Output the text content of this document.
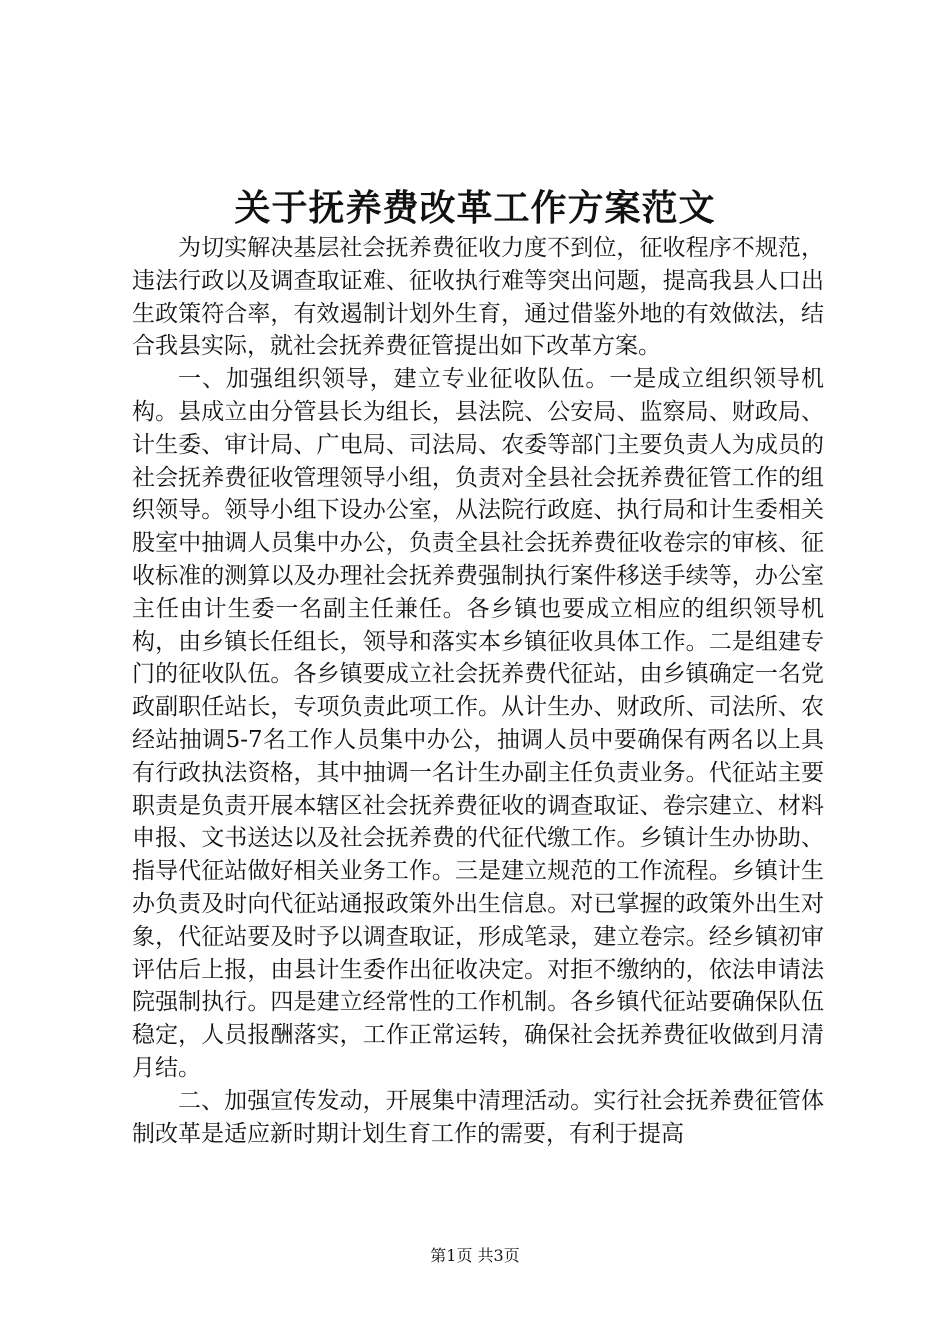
关于抚养费改革工作方案范文

为切实解决基层社会抚养费征收力度不到位，征收程序不规范，违法行政以及调查取证难、征收执行难等突出问题，提高我县人口出生政策符合率，有效遏制计划外生育，通过借鉴外地的有效做法，结合我县实际，就社会抚养费征管提出如下改革方案。

一、加强组织领导，建立专业征收队伍。一是成立组织领导机构。县成立由分管县长为组长，县法院、公安局、监察局、财政局、计生委、审计局、广电局、司法局、农委等部门主要负责人为成员的社会抚养费征收管理领导小组，负责对全县社会抚养费征管工作的组织领导。领导小组下设办公室，从法院行政庭、执行局和计生委相关股室中抽调人员集中办公，负责全县社会抚养费征收卷宗的审核、征收标准的测算以及办理社会抚养费强制执行案件移送手续等，办公室主任由计生委一名副主任兼任。各乡镇也要成立相应的组织领导机构，由乡镇长任组长，领导和落实本乡镇征收具体工作。二是组建专门的征收队伍。各乡镇要成立社会抚养费代征站，由乡镇确定一名党政副职任站长，专项负责此项工作。从计生办、财政所、司法所、农经站抽调5-7名工作人员集中办公，抽调人员中要确保有两名以上具有行政执法资格，其中抽调一名计生办副主任负责业务。代征站主要职责是负责开展本辖区社会抚养费征收的调查取证、卷宗建立、材料申报、文书送达以及社会抚养费的代征代缴工作。乡镇计生办协助、指导代征站做好相关业务工作。三是建立规范的工作流程。乡镇计生办负责及时向代征站通报政策外出生信息。对已掌握的政策外出生对象，代征站要及时予以调查取证，形成笔录，建立卷宗。经乡镇初审评估后上报，由县计生委作出征收决定。对拒不缴纳的，依法申请法院强制执行。四是建立经常性的工作机制。各乡镇代征站要确保队伍稳定，人员报酬落实，工作正常运转，确保社会抚养费征收做到月清月结。

二、加强宣传发动，开展集中清理活动。实行社会抚养费征管体制改革是适应新时期计划生育工作的需要，有利于提高

第1页 共3页
